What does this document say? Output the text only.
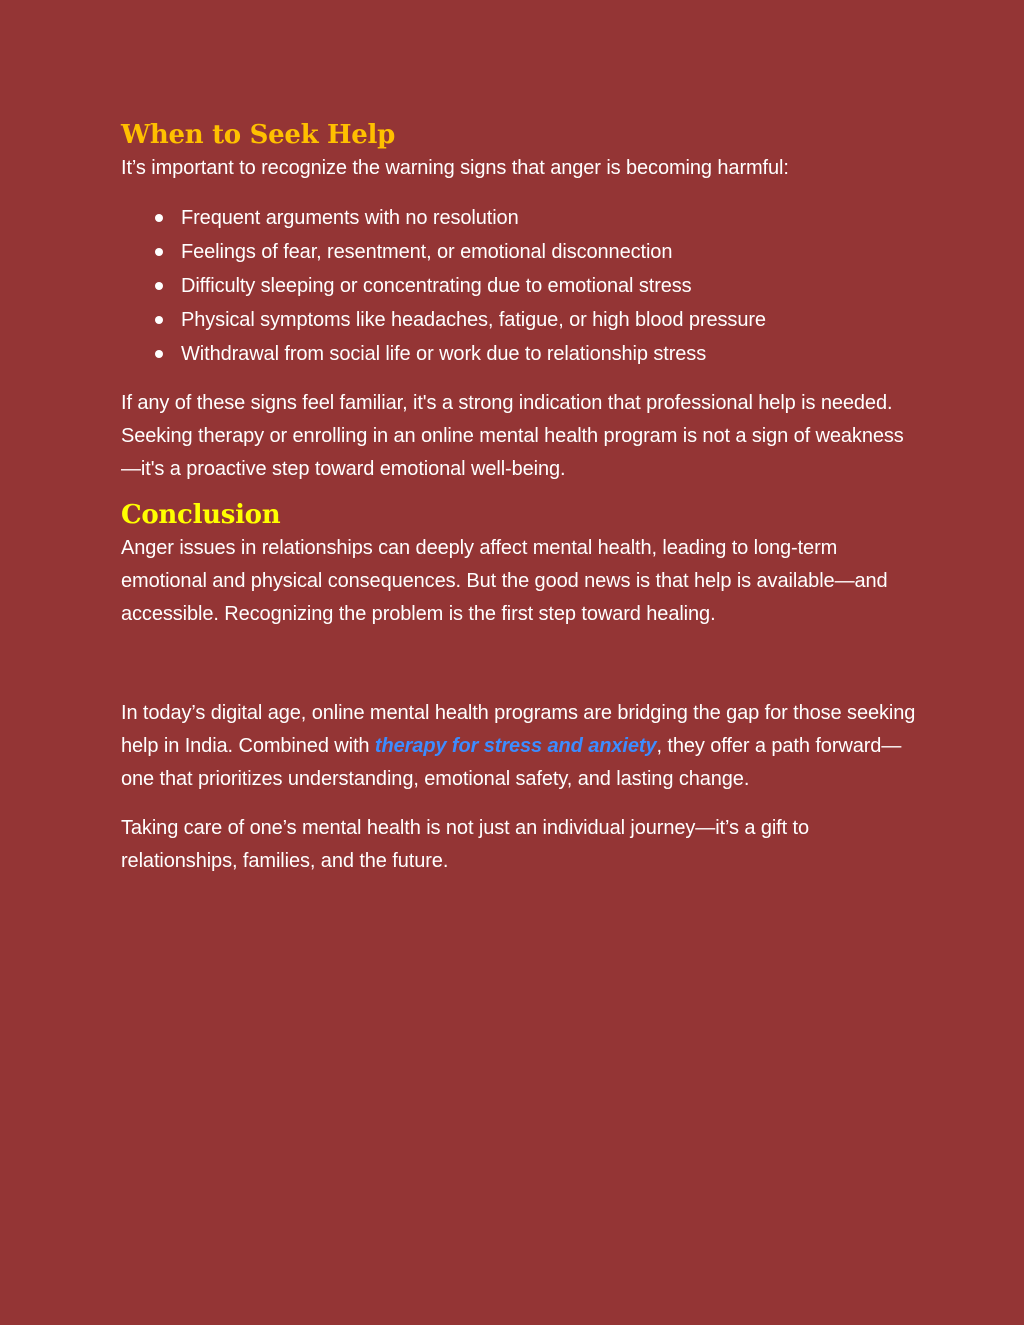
When to Seek Help

It’s important to recognize the warning signs that anger is becoming harmful:

Frequent arguments with no resolution
Feelings of fear, resentment, or emotional disconnection
Difficulty sleeping or concentrating due to emotional stress
Physical symptoms like headaches, fatigue, or high blood pressure
Withdrawal from social life or work due to relationship stress

If any of these signs feel familiar, it's a strong indication that professional help is needed. Seeking therapy or enrolling in an online mental health program is not a sign of weakness—it's a proactive step toward emotional well-being.

Conclusion

Anger issues in relationships can deeply affect mental health, leading to long-term emotional and physical consequences. But the good news is that help is available—and accessible. Recognizing the problem is the first step toward healing.

In today’s digital age, online mental health programs are bridging the gap for those seeking help in India. Combined with therapy for stress and anxiety, they offer a path forward—one that prioritizes understanding, emotional safety, and lasting change.

Taking care of one’s mental health is not just an individual journey—it’s a gift to relationships, families, and the future.
